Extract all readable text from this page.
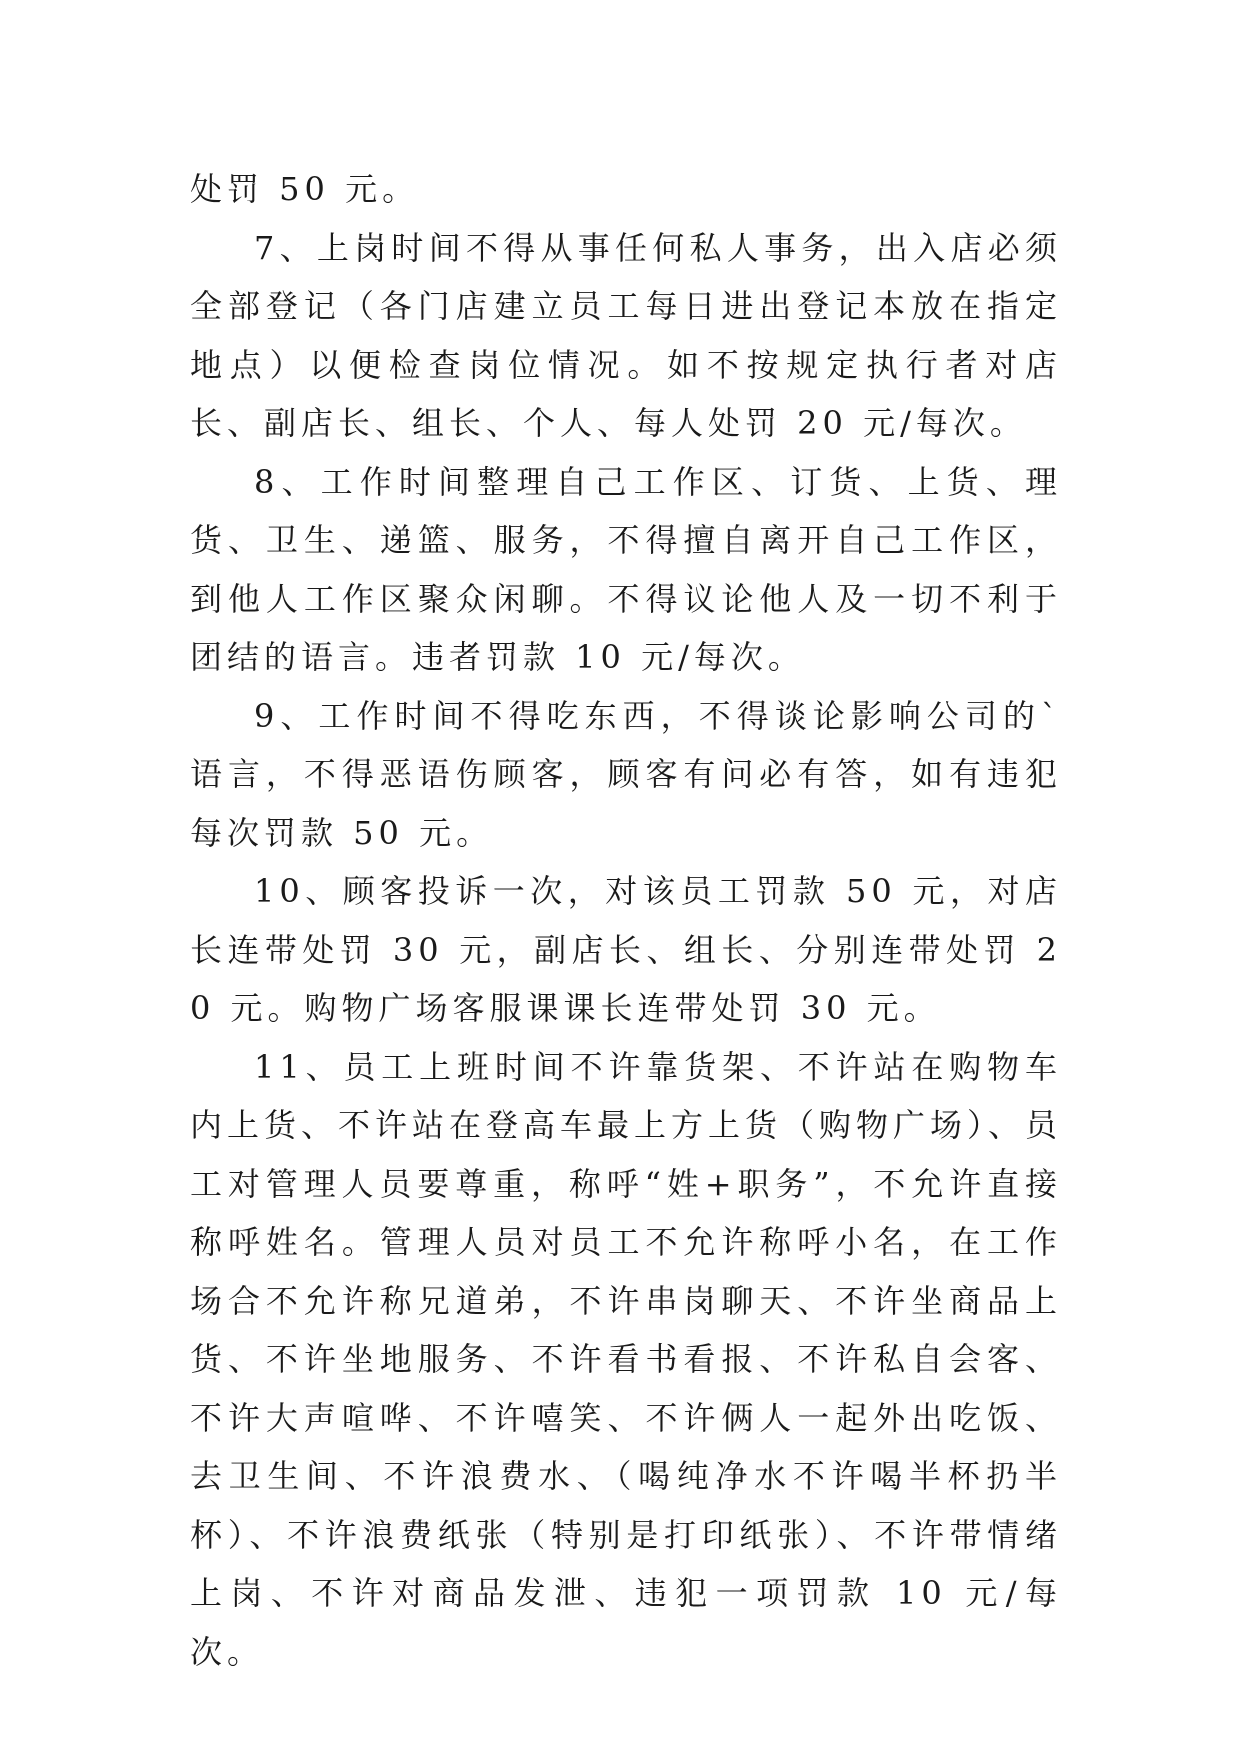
处罚 50 元。

7、上岗时间不得从事任何私人事务，出入店必须全部登记（各门店建立员工每日进出登记本放在指定地点）以便检查岗位情况。如不按规定执行者对店长、副店长、组长、个人、每人处罚 20 元/每次。

8、工作时间整理自己工作区、订货、上货、理货、卫生、递篮、服务，不得擅自离开自己工作区，到他人工作区聚众闲聊。不得议论他人及一切不利于团结的语言。违者罚款 10 元/每次。

9、工作时间不得吃东西，不得谈论影响公司的`语言，不得恶语伤顾客，顾客有问必有答，如有违犯每次罚款 50 元。

10、顾客投诉一次，对该员工罚款 50 元，对店长连带处罚 30 元，副店长、组长、分别连带处罚 20 元。购物广场客服课课长连带处罚 30 元。

11、员工上班时间不许靠货架、不许站在购物车内上货、不许站在登高车最上方上货（购物广场）、员工对管理人员要尊重，称呼“姓+职务”，不允许直接称呼姓名。管理人员对员工不允许称呼小名，在工作场合不允许称兄道弟，不许串岗聊天、不许坐商品上货、不许坐地服务、不许看书看报、不许私自会客、不许大声喧哗、不许嘻笑、不许俩人一起外出吃饭、去卫生间、不许浪费水、（喝纯净水不许喝半杯扔半杯）、不许浪费纸张（特别是打印纸张）、不许带情绪上岗、不许对商品发泄、违犯一项罚款 10 元/每次。
